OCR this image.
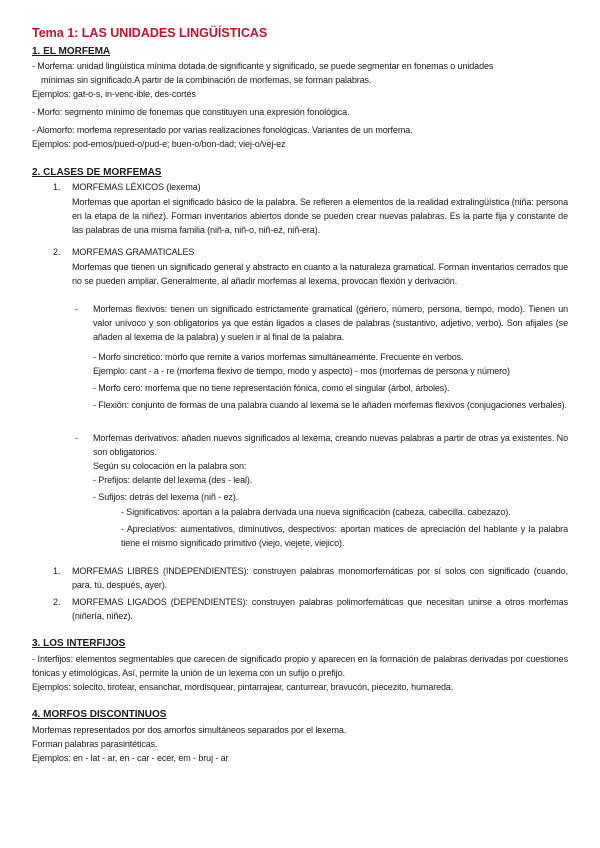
Tema 1: LAS UNIDADES LINGÜÍSTICAS
1. EL MORFEMA
- Morfema: unidad lingüística mínima dotada de significante y significado, se puede segmentar en fonemas o unidades
mínimas sin significado.A partir de la combinación de morfemas, se forman palabras.
Ejemplos: gat-o-s, in-venc-ible, des-cortés
- Morfo: segmento mínimo de fonemas que constituyen una expresión fonológica.
- Alomorfo: morfema representado por varias realizaciones fonológicas. Variantes de un morfema.
Ejemplos: pod-emos/pued-o/pud-e; buen-o/bon-dad; viej-o/vej-ez
2. CLASES DE MORFEMAS
1. MORFEMAS LÉXICOS (lexema)
Morfemas que aportan el significado básico de la palabra. Se refieren a elementos de la realidad extralingüística (niña: persona en la etapa de la niñez). Forman inventarios abiertos donde se pueden crear nuevas palabras. Es la parte fija y constante de las palabras de una misma familia (niñ-a, niñ-o, niñ-ez, niñ-era).
2. MORFEMAS GRAMATICALES
Morfemas que tienen un significado general y abstracto en cuanto a la naturaleza gramatical. Forman inventarios cerrados que no se pueden ampliar. Generalmente, al añadir morfemas al lexema, provocan flexión y derivación.
- Morfemas flexivos: tienen un significado estrictamente gramatical (género, número, persona, tiempo, modo). Tienen un valor unívoco y son obligatorios ya que están ligados a clases de palabras (sustantivo, adjetivo, verbo). Son afijales (se añaden al lexema de la palabra) y suelen ir al final de la palabra.
- Morfo sincrético: morfo que remite a varios morfemas simultáneamente. Frecuente en verbos.
Ejemplo: cant - a - re (morfema flexivo de tiempo, modo y aspecto) - mos (morfemas de persona y número)
- Morfo cero: morfema que no tiene representación fónica, como el singular (árbol, árboles).
- Flexión: conjunto de formas de una palabra cuando al lexema se le añaden morfemas flexivos (conjugaciones verbales).
- Morfemas derivativos: añaden nuevos significados al lexema, creando nuevas palabras a partir de otras ya existentes. No son obligatorios.
Según su colocación en la palabra son:
- Prefijos: delante del lexema (des - leal).
- Sufijos: detrás del lexema (niñ - ez).
- Significativos: aportan a la palabra derivada una nueva significación (cabeza, cabecilla. cabezazo).
- Apreciativos: aumentativos, diminutivos, despectivos: aportan matices de apreciación del hablante y la palabra tiene el mismo significado primitivo (viejo, viejete, viejico).
1. MORFEMAS LIBRES (INDEPENDIENTES): construyen palabras monomorfemáticas por sí solos con significado (cuando, para, tú, después, ayer).
2. MORFEMAS LIGADOS (DEPENDIENTES): construyen palabras polimorfemáticas que necesitan unirse a otros morfemas (niñería, niñez).
3. LOS INTERFIJOS
- Interfijos: elementos segmentables que carecen de significado propio y aparecen en la formación de palabras derivadas por cuestiones fónicas y etimológicas. Así, permite la unión de un lexema con un sufijo o prefijo.
Ejemplos: solecito, tirotear, ensanchar, mordisquear, pintarrajear, canturrear, bravucón, piecezito, humareda.
4. MORFOS DISCONTINUOS
Morfemas representados por dos amorfos simultáneos separados por el lexema.
Forman palabras parasintéticas.
Ejemplos: en - lat - ar, en - car - ecer, em - bruj - ar
